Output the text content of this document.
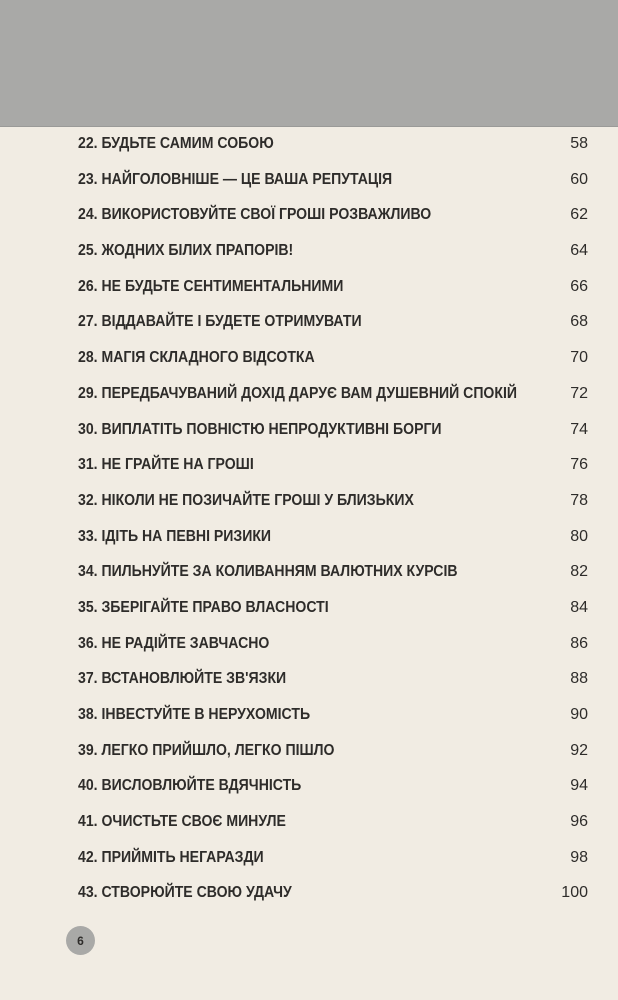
22. БУДЬТЕ САМИМ СОБОЮ	58
23. НАЙГОЛОВНІШЕ — ЦЕ ВАША РЕПУТАЦІЯ	60
24. ВИКОРИСТОВУЙТЕ СВОЇ ГРОШІ РОЗВАЖЛИВО	62
25. ЖОДНИХ БІЛИХ ПРАПОРІВ!	64
26. НЕ БУДЬТЕ СЕНТИМЕНТАЛЬНИМИ	66
27. ВІДДАВАЙТЕ І БУДЕТЕ ОТРИМУВАТИ	68
28. МАГІЯ СКЛАДНОГО ВІДСОТКА	70
29. ПЕРЕДБАЧУВАНИЙ ДОХІД ДАРУЄ ВАМ ДУШЕВНИЙ СПОКІЙ	72
30. ВИПЛАТІТЬ ПОВНІСТЮ НЕПРОДУКТИВНІ БОРГИ	74
31. НЕ ГРАЙТЕ НА ГРОШІ	76
32. НІКОЛИ НЕ ПОЗИЧАЙТЕ ГРОШІ У БЛИЗЬКИХ	78
33. ІДІТЬ НА ПЕВНІ РИЗИКИ	80
34. ПИЛЬНУЙТЕ ЗА КОЛИВАННЯМ ВАЛЮТНИХ КУРСІВ	82
35. ЗБЕРІГАЙТЕ ПРАВО ВЛАСНОСТІ	84
36. НЕ РАДІЙТЕ ЗАВЧАСНО	86
37. ВСТАНОВЛЮЙТЕ ЗВ'ЯЗКИ	88
38. ІНВЕСТУЙТЕ В НЕРУХОМІСТЬ	90
39. ЛЕГКО ПРИЙШЛО, ЛЕГКО ПІШЛО	92
40. ВИСЛОВЛЮЙТЕ ВДЯЧНІСТЬ	94
41. ОЧИСТЬТЕ СВОЄ МИНУЛЕ	96
42. ПРИЙМІТЬ НЕГАРАЗДИ	98
43. СТВОРЮЙТЕ СВОЮ УДАЧУ	100
6
